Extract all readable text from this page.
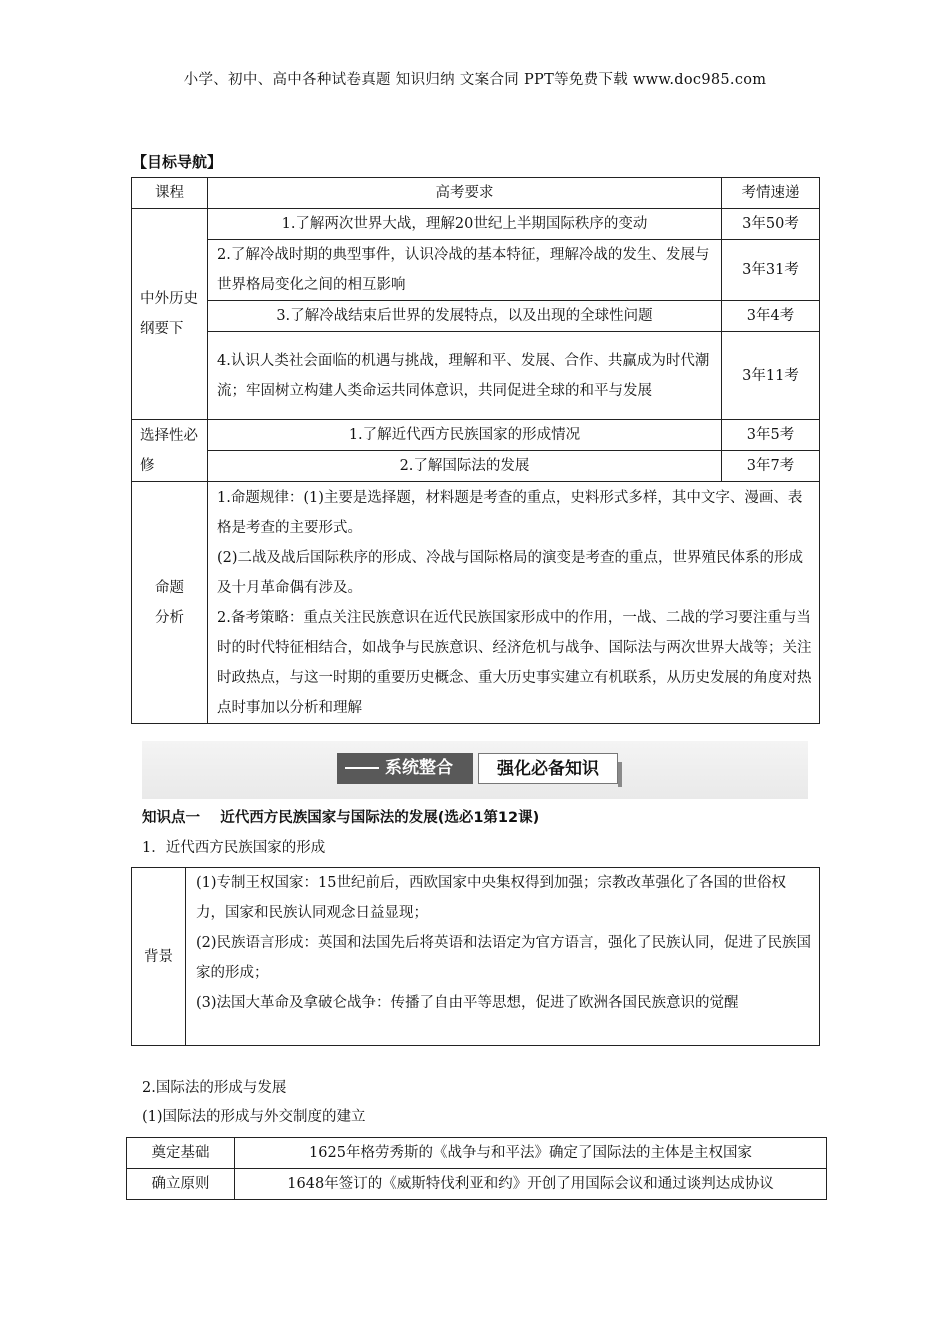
小学、初中、高中各种试卷真题 知识归纳 文案合同 PPT等免费下载 www.doc985.com
【目标导航】
课程	高考要求	考情速递
中外历史纲要下	1.了解两次世界大战，理解20世纪上半期国际秩序的变动	3年50考
	2.了解冷战时期的典型事件，认识冷战的基本特征，理解冷战的发生、发展与世界格局变化之间的相互影响	3年31考
	3.了解冷战结束后世界的发展特点，以及出现的全球性问题	3年4考
	4.认识人类社会面临的机遇与挑战，理解和平、发展、合作、共赢成为时代潮流；牢固树立构建人类命运共同体意识，共同促进全球的和平与发展	3年11考
选择性必修	1.了解近代西方民族国家的形成情况	3年5考
	2.了解国际法的发展	3年7考
命题分析	1.命题规律：(1)主要是选择题，材料题是考查的重点，史料形式多样，其中文字、漫画、表格是考查的主要形式。
(2)二战及战后国际秩序的形成、冷战与国际格局的演变是考查的重点，世界殖民体系的形成及十月革命偶有涉及。
2.备考策略：重点关注民族意识在近代民族国家形成中的作用，一战、二战的学习要注重与当时的时代特征相结合，如战争与民族意识、经济危机与战争、国际法与两次世界大战等；关注时政热点，与这一时期的重要历史概念、重大历史事实建立有机联系，从历史发展的角度对热点时事加以分析和理解	
系统整合	强化必备知识
知识点一    近代西方民族国家与国际法的发展(选必1第12课)
1．近代西方民族国家的形成
背景	
(1)专制王权国家：15世纪前后，西欧国家中央集权得到加强；宗教改革强化了各国的世俗权力，国家和民族认同观念日益显现；
(2)民族语言形成：英国和法国先后将英语和法语定为官方语言，强化了民族认同，促进了民族国家的形成；
(3)法国大革命及拿破仑战争：传播了自由平等思想，促进了欧洲各国民族意识的觉醒
2.国际法的形成与发展
(1)国际法的形成与外交制度的建立
奠定基础	1625年格劳秀斯的《战争与和平法》确定了国际法的主体是主权国家
确立原则	1648年签订的《威斯特伐利亚和约》开创了用国际会议和通过谈判达成协议
